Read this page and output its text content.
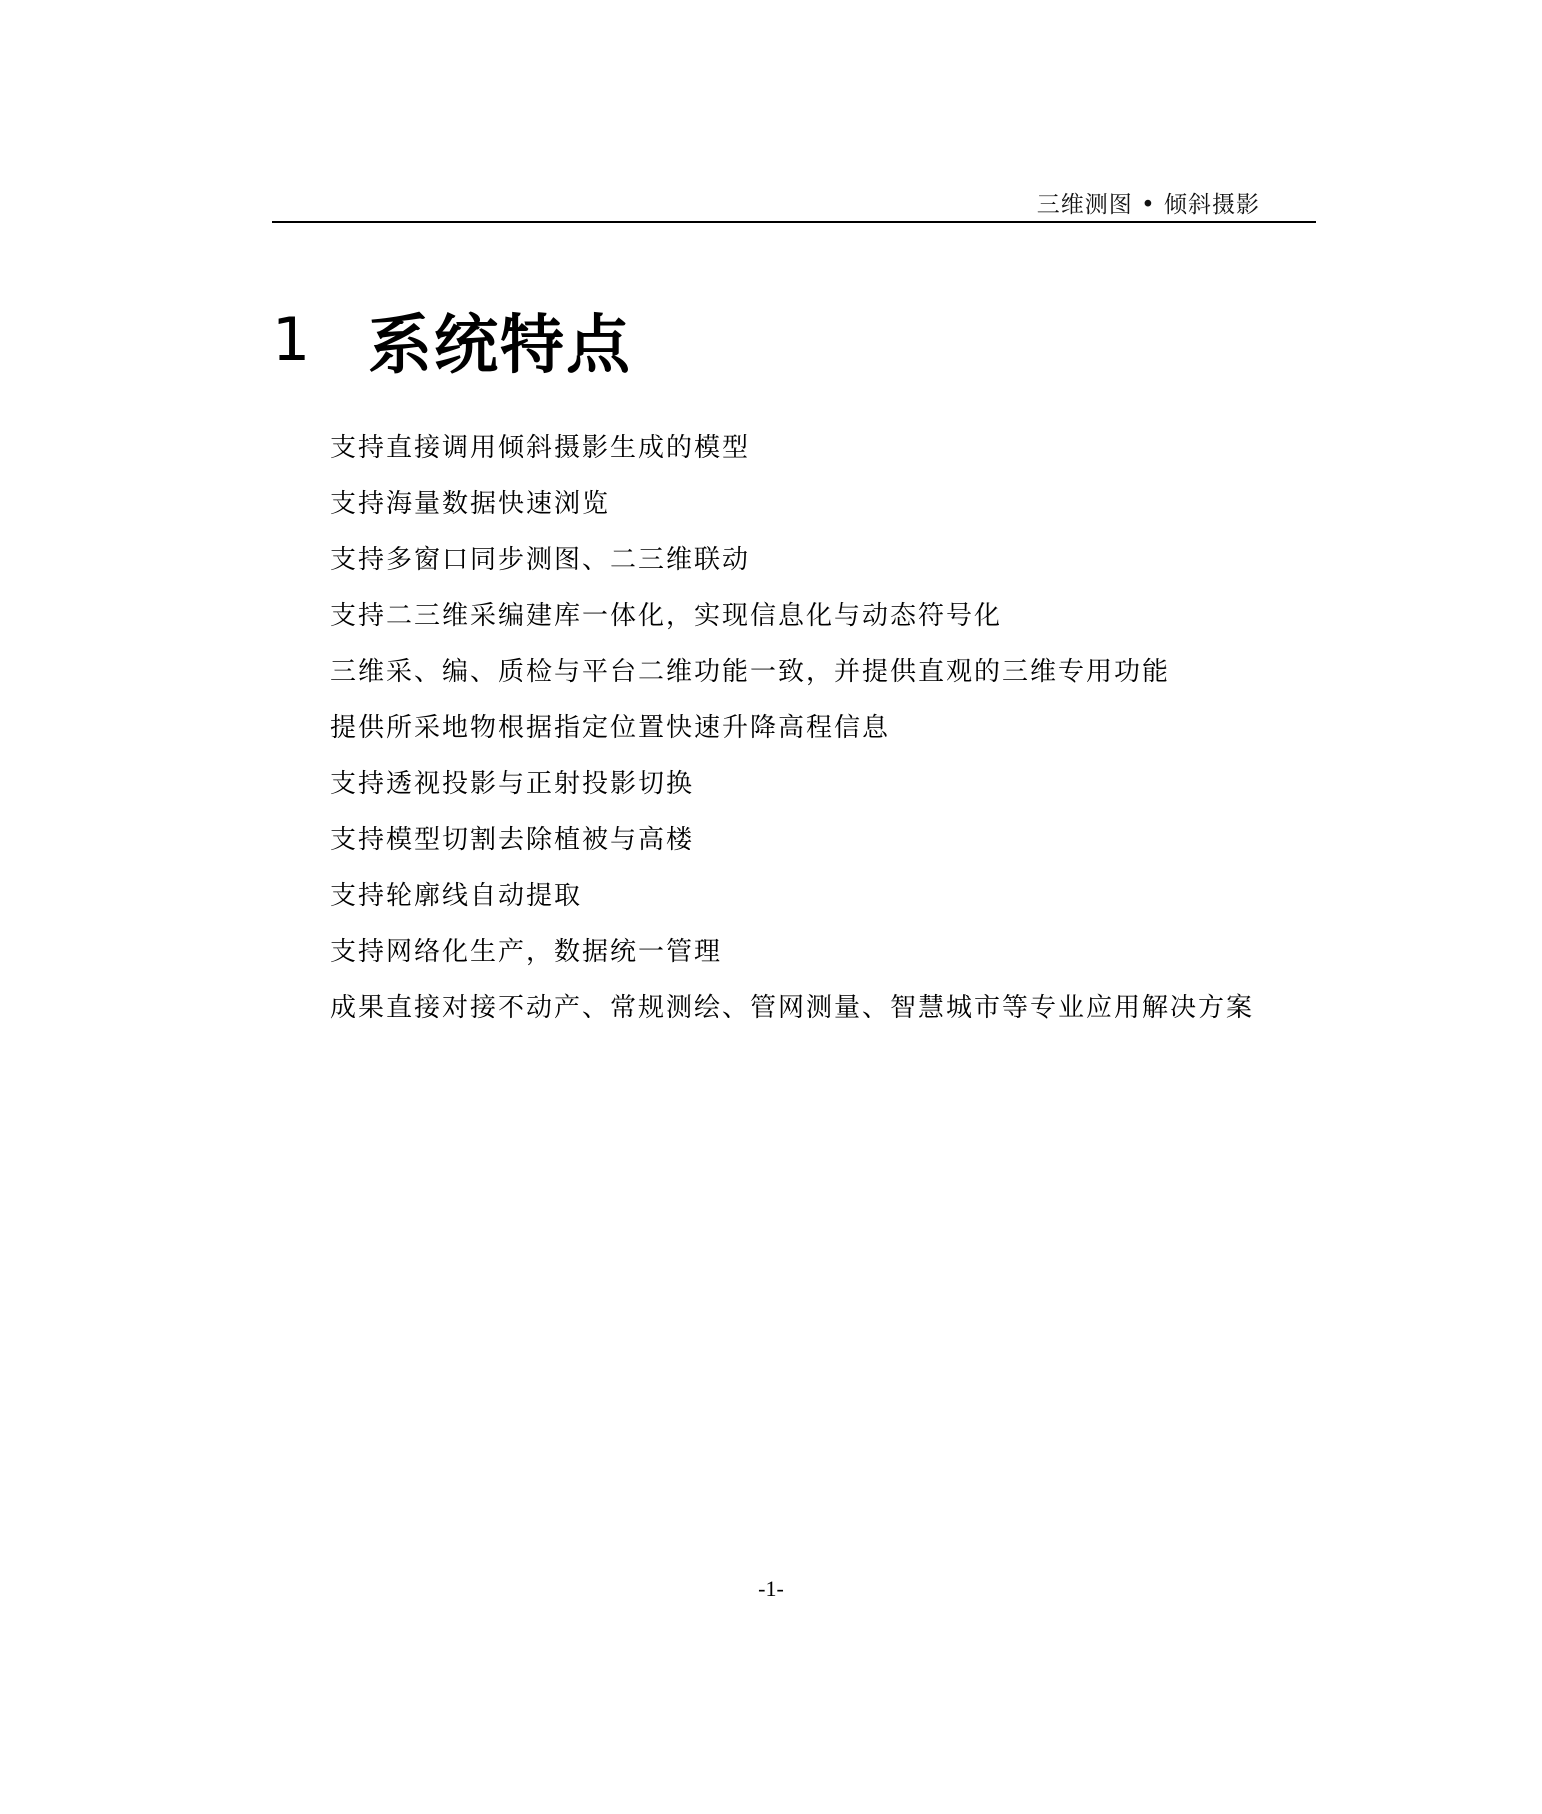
三维测图 • 倾斜摄影
1 系统特点
支持直接调用倾斜摄影生成的模型
支持海量数据快速浏览
支持多窗口同步测图、二三维联动
支持二三维采编建库一体化，实现信息化与动态符号化
三维采、编、质检与平台二维功能一致，并提供直观的三维专用功能
提供所采地物根据指定位置快速升降高程信息
支持透视投影与正射投影切换
支持模型切割去除植被与高楼
支持轮廓线自动提取
支持网络化生产，数据统一管理
成果直接对接不动产、常规测绘、管网测量、智慧城市等专业应用解决方案
-1-
